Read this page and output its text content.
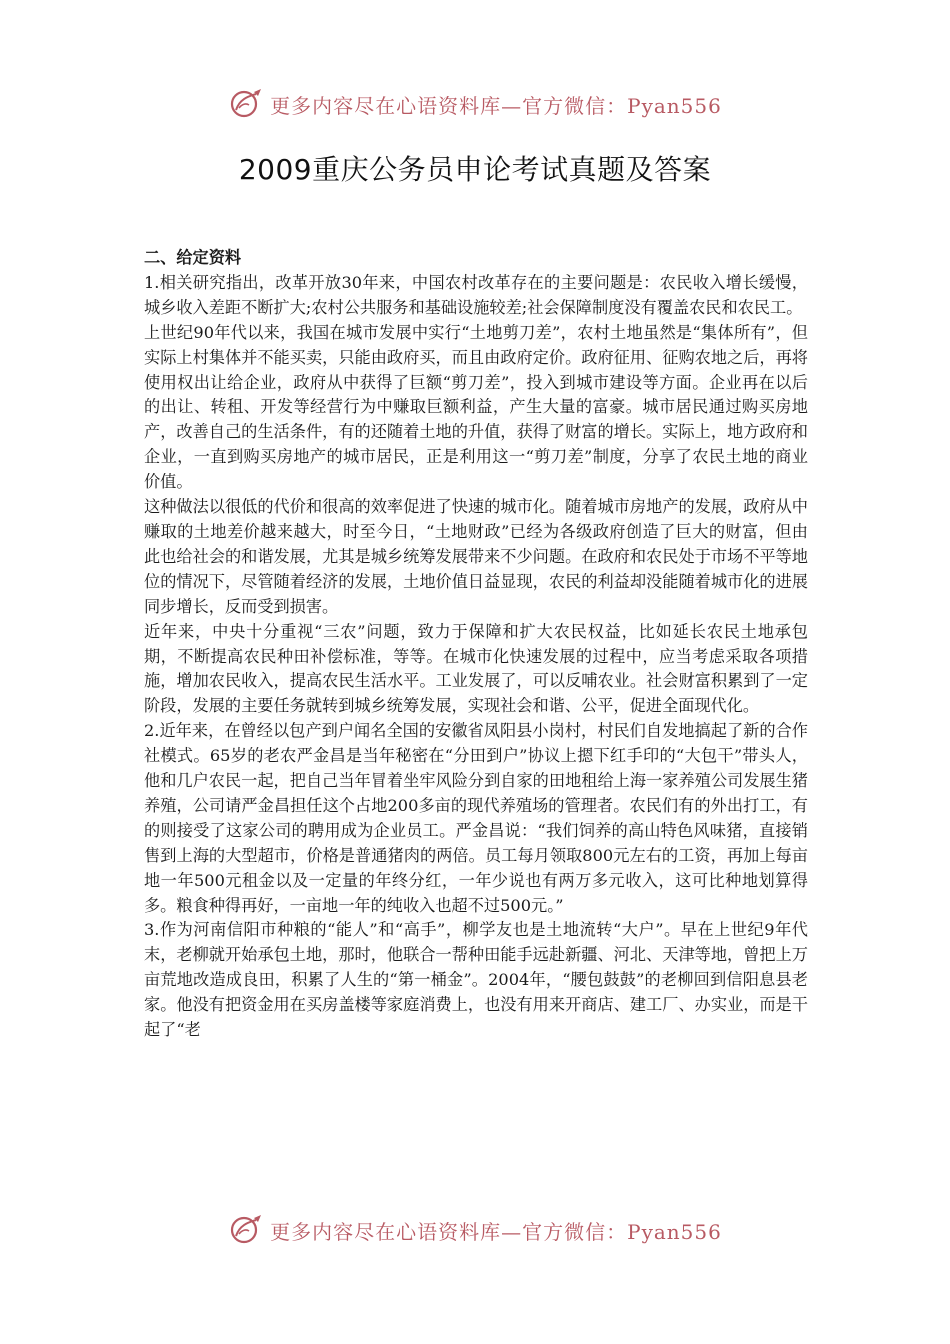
更多内容尽在心语资料库—官方微信：Pyan556
2009重庆公务员申论考试真题及答案

二、给定资料

1.相关研究指出，改革开放30年来，中国农村改革存在的主要问题是：农民收入增长缓慢，城乡收入差距不断扩大;农村公共服务和基础设施较差;社会保障制度没有覆盖农民和农民工。

上世纪90年代以来，我国在城市发展中实行“土地剪刀差”，农村土地虽然是“集体所有”，但实际上村集体并不能买卖，只能由政府买，而且由政府定价。政府征用、征购农地之后，再将使用权出让给企业，政府从中获得了巨额“剪刀差”，投入到城市建设等方面。企业再在以后的出让、转租、开发等经营行为中赚取巨额利益，产生大量的富豪。城市居民通过购买房地产，改善自己的生活条件，有的还随着土地的升值，获得了财富的增长。实际上，地方政府和企业，一直到购买房地产的城市居民，正是利用这一“剪刀差”制度，分享了农民土地的商业价值。

这种做法以很低的代价和很高的效率促进了快速的城市化。随着城市房地产的发展，政府从中赚取的土地差价越来越大，时至今日，“土地财政”已经为各级政府创造了巨大的财富，但由此也给社会的和谐发展，尤其是城乡统筹发展带来不少问题。在政府和农民处于市场不平等地位的情况下，尽管随着经济的发展，土地价值日益显现，农民的利益却没能随着城市化的进展同步增长，反而受到损害。

近年来，中央十分重视“三农”问题，致力于保障和扩大农民权益，比如延长农民土地承包期，不断提高农民种田补偿标准，等等。在城市化快速发展的过程中，应当考虑采取各项措施，增加农民收入，提高农民生活水平。工业发展了，可以反哺农业。社会财富积累到了一定阶段，发展的主要任务就转到城乡统筹发展，实现社会和谐、公平，促进全面现代化。

2.近年来，在曾经以包产到户闻名全国的安徽省凤阳县小岗村，村民们自发地搞起了新的合作社模式。65岁的老农严金昌是当年秘密在“分田到户”协议上摁下红手印的“大包干”带头人，他和几户农民一起，把自己当年冒着坐牢风险分到自家的田地租给上海一家养殖公司发展生猪养殖，公司请严金昌担任这个占地200多亩的现代养殖场的管理者。农民们有的外出打工，有的则接受了这家公司的聘用成为企业员工。严金昌说：“我们饲养的高山特色风味猪，直接销售到上海的大型超市，价格是普通猪肉的两倍。员工每月领取800元左右的工资，再加上每亩地一年500元租金以及一定量的年终分红，一年少说也有两万多元收入，这可比种地划算得多。粮食种得再好，一亩地一年的纯收入也超不过500元。”

3.作为河南信阳市种粮的“能人”和“高手”，柳学友也是土地流转“大户”。早在上世纪9年代末，老柳就开始承包土地，那时，他联合一帮种田能手远赴新疆、河北、天津等地，曾把上万亩荒地改造成良田，积累了人生的“第一桶金”。2004年，“腰包鼓鼓”的老柳回到信阳息县老家。他没有把资金用在买房盖楼等家庭消费上，也没有用来开商店、建工厂、办实业，而是干起了“老

更多内容尽在心语资料库—官方微信：Pyan556
